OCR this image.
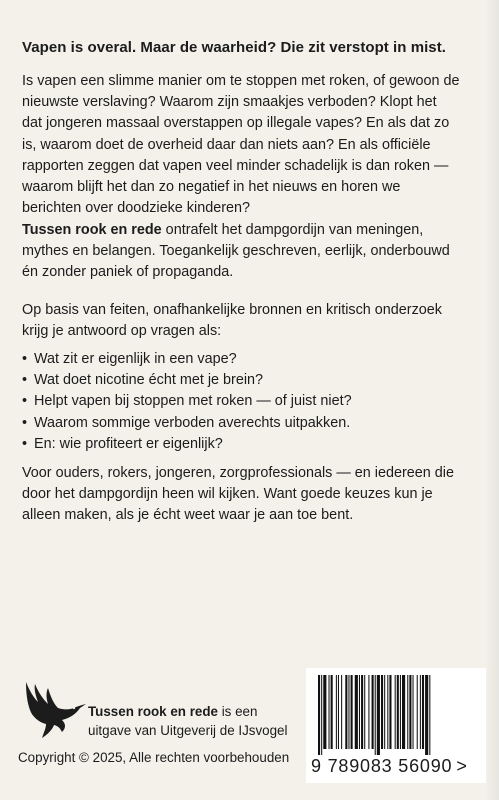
Vapen is overal. Maar de waarheid? Die zit verstopt in mist.

Is vapen een slimme manier om te stoppen met roken, of gewoon de
nieuwste verslaving? Waarom zijn smaakjes verboden? Klopt het
dat jongeren massaal overstappen op illegale vapes? En als dat zo
is, waarom doet de overheid daar dan niets aan? En als officiële
rapporten zeggen dat vapen veel minder schadelijk is dan roken —
waarom blijft het dan zo negatief in het nieuws en horen we
berichten over doodzieke kinderen?

Tussen rook en rede ontrafelt het dampgordijn van meningen,
mythes en belangen. Toegankelijk geschreven, eerlijk, onderbouwd
én zonder paniek of propaganda.

Op basis van feiten, onafhankelijke bronnen en kritisch onderzoek
krijg je antwoord op vragen als:

• Wat zit er eigenlijk in een vape?
• Wat doet nicotine écht met je brein?
• Helpt vapen bij stoppen met roken — of juist niet?
• Waarom sommige verboden averechts uitpakken.
• En: wie profiteert er eigenlijk?

Voor ouders, rokers, jongeren, zorgprofessionals — en iedereen die
door het dampgordijn heen wil kijken. Want goede keuzes kun je
alleen maken, als je écht weet waar je aan toe bent.

Tussen rook en rede is een
uitgave van Uitgeverij de IJsvogel

Copyright © 2025, Alle rechten voorbehouden 9 789083 56090 >
